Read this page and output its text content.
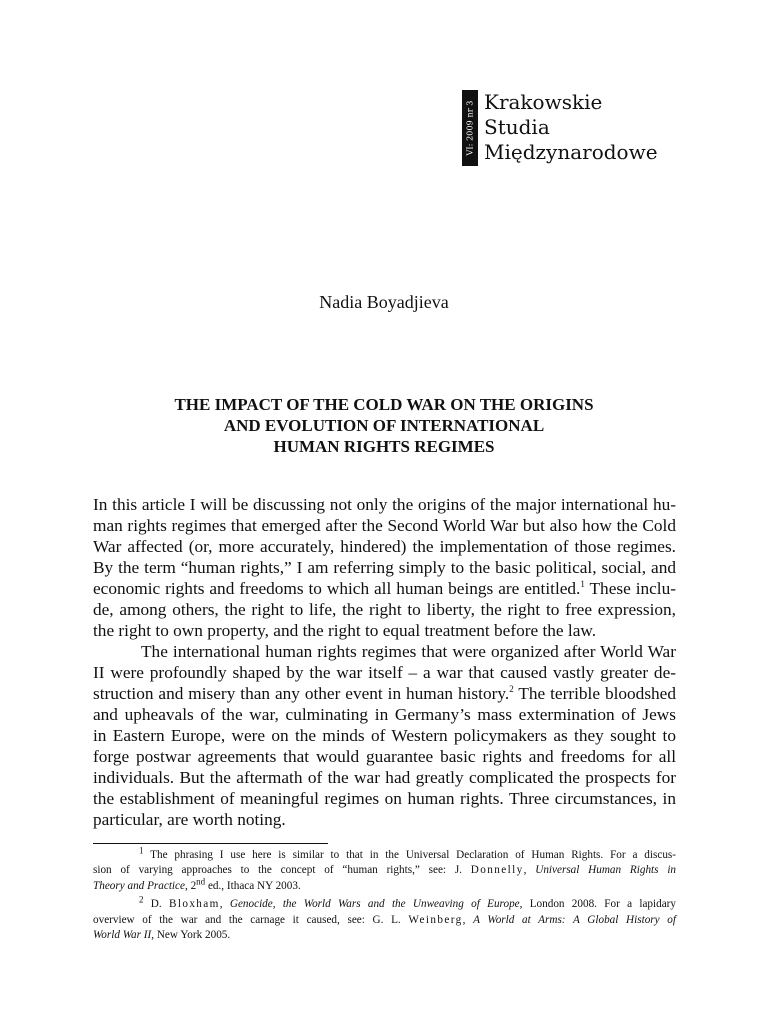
VI: 2009 nr 3 Krakowskie
Studia
Międzynarodowe
Nadia Boyadjieva
THE IMPACT OF THE COLD WAR ON THE ORIGINS
AND EVOLUTION OF INTERNATIONAL
HUMAN RIGHTS REGIMES

In this article I will be discussing not only the origins of the major international hu-
man rights regimes that emerged after the Second World War but also how the Cold
War affected (or, more accurately, hindered) the implementation of those regimes.
By the term “human rights,” I am referring simply to the basic political, social, and
economic rights and freedoms to which all human beings are entitled.$^1$ These inclu-
de, among others, the right to life, the right to liberty, the right to free expression,
the right to own property, and the right to equal treatment before the law.

The international human rights regimes that were organized after World War
II were profoundly shaped by the war itself – a war that caused vastly greater de-
struction and misery than any other event in human history.$^2$ The terrible bloodshed
and upheavals of the war, culminating in Germany’s mass extermination of Jews
in Eastern Europe, were on the minds of Western policymakers as they sought to
forge postwar agreements that would guarantee basic rights and freedoms for all
individuals. But the aftermath of the war had greatly complicated the prospects for
the establishment of meaningful regimes on human rights. Three circumstances, in
particular, are worth noting.

$^1$ The phrasing I use here is similar to that in the Universal Declaration of Human Rights. For a discus-
sion of varying approaches to the concept of “human rights,” see: J. Donnelly, Universal Human Rights in
Theory and Practice, 2nd ed., Ithaca NY 2003.
$^2$ D. Bloxham, Genocide, the World Wars and the Unweaving of Europe, London 2008. For a lapidary
overview of the war and the carnage it caused, see: G. L. Weinberg, A World at Arms: A Global History of
World War II, New York 2005.
